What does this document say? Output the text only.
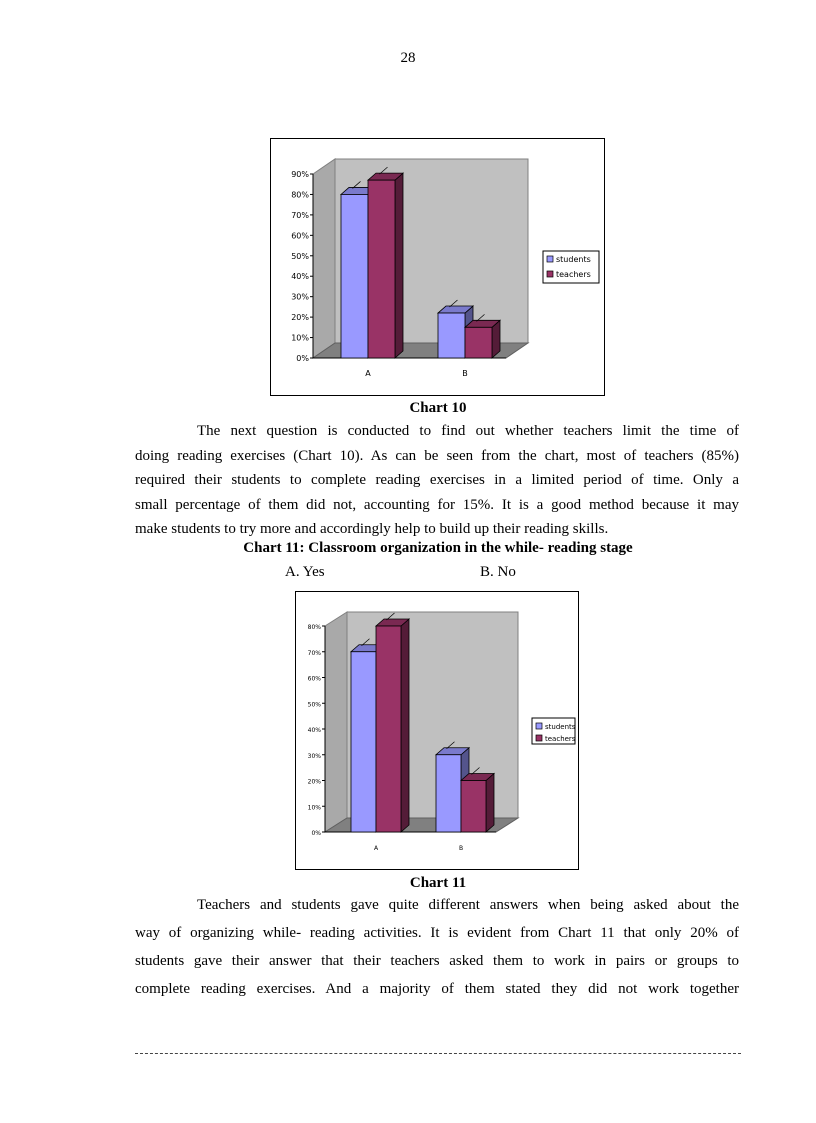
28
0%
10%
20%
30%
40%
50%
60%
70%
80%
90%
A	B
students
teachers
Chart 10

The next question is conducted to find out whether teachers limit the time of
doing reading exercises (Chart 10). As can be seen from the chart, most of teachers (85%)
required their students to complete reading exercises in a limited period of time. Only a
small percentage of them did not, accounting for 15%. It is a good method because it may
make students to try more and accordingly help to build up their reading skills.

Chart 11: Classroom organization in the while- reading stage
A. Yes	B. No
0%
10%
20%
30%
40%
50%
60%
70%
80%
A	B
students
teachers
Chart 11

Teachers and students gave quite different answers when being asked about the
way of organizing while- reading activities. It is evident from Chart 11 that only 20% of
students gave their answer that their teachers asked them to work in pairs or groups to
complete reading exercises. And a majority of them stated they did not work together
